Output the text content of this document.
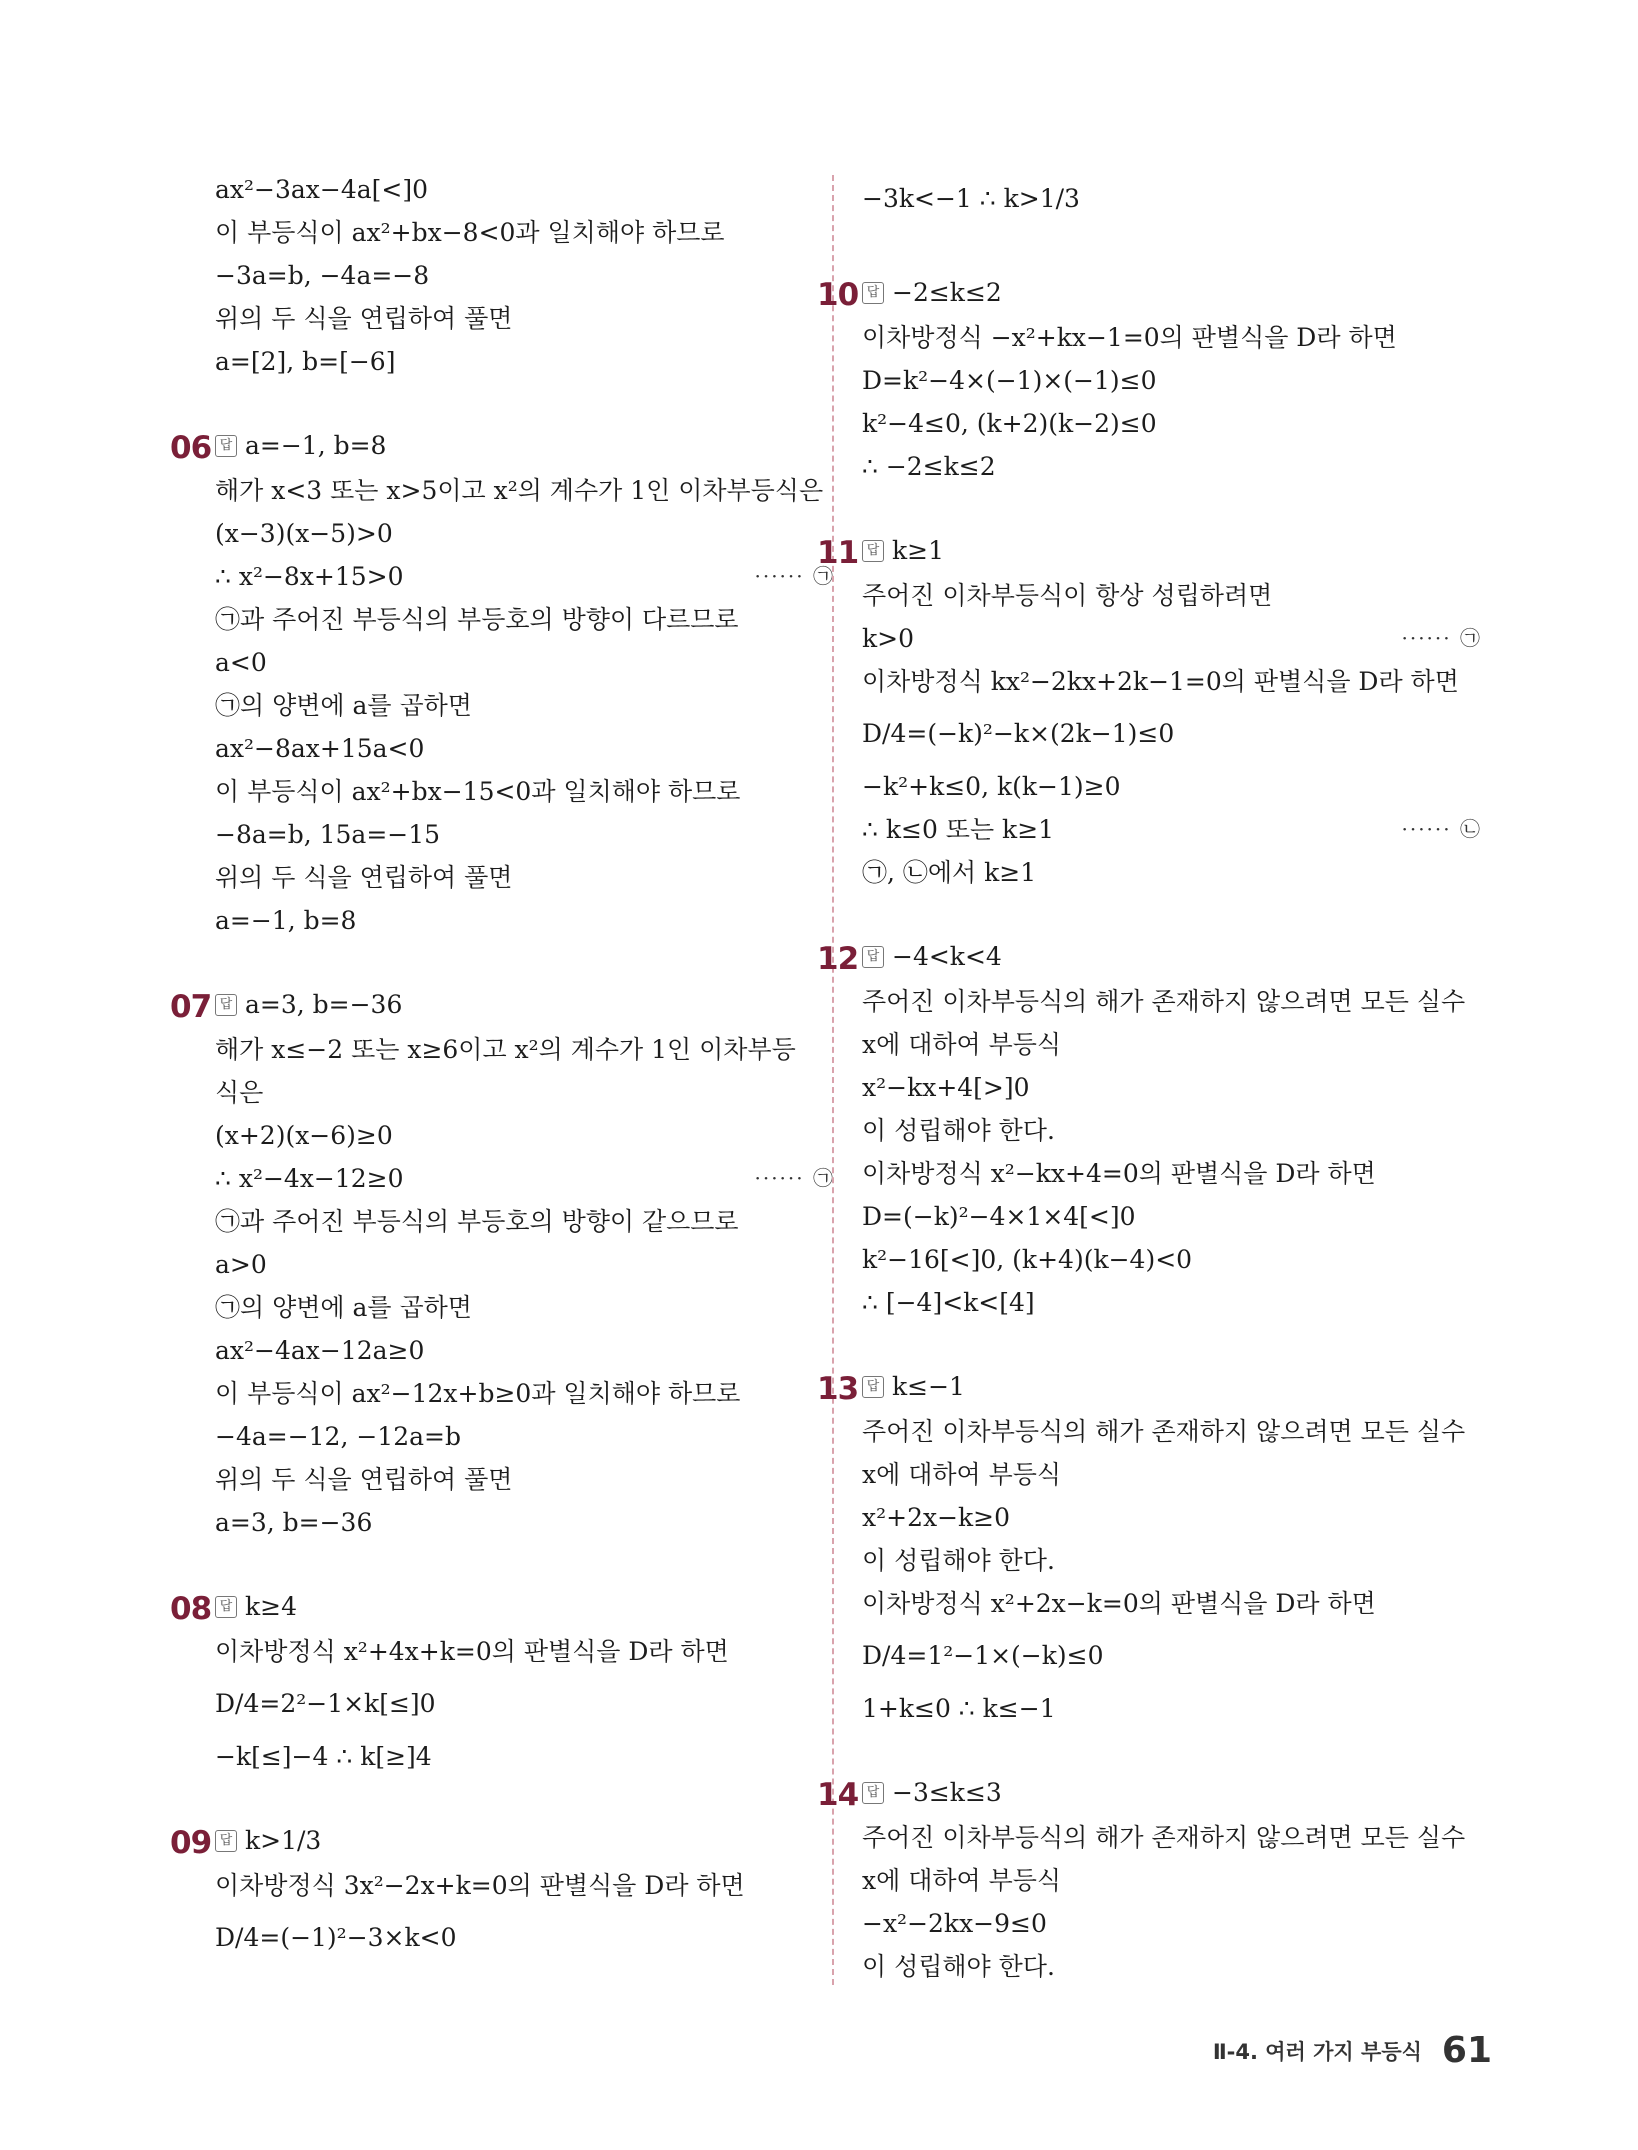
ax²−3ax−4a[<]0
이 부등식이 ax²+bx−8<0과 일치해야 하므로
−3a=b, −4a=−8
위의 두 식을 연립하여 풀면
a=[2], b=[−6]
06 답 a=−1, b=8
해가 x<3 또는 x>5이고 x²의 계수가 1인 이차부등식은
(x−3)(x−5)>0
∴ x²−8x+15>0	······ ㉠
㉠과 주어진 부등식의 부등호의 방향이 다르므로
a<0
㉠의 양변에 a를 곱하면
ax²−8ax+15a<0
이 부등식이 ax²+bx−15<0과 일치해야 하므로
−8a=b, 15a=−15
위의 두 식을 연립하여 풀면
a=−1, b=8
07 답 a=3, b=−36
해가 x≤−2 또는 x≥6이고 x²의 계수가 1인 이차부등
식은
(x+2)(x−6)≥0
∴ x²−4x−12≥0	······ ㉠
㉠과 주어진 부등식의 부등호의 방향이 같으므로
a>0
㉠의 양변에 a를 곱하면
ax²−4ax−12a≥0
이 부등식이 ax²−12x+b≥0과 일치해야 하므로
−4a=−12, −12a=b
위의 두 식을 연립하여 풀면
a=3, b=−36
08 답 k≥4
이차방정식 x²+4x+k=0의 판별식을 D라 하면
D/4=2²−1×k[≤]0
−k[≤]−4 ∴ k[≥]4
09 답 k>1/3
이차방정식 3x²−2x+k=0의 판별식을 D라 하면
D/4=(−1)²−3×k<0
−3k<−1 ∴ k>1/3
10 답 −2≤k≤2
이차방정식 −x²+kx−1=0의 판별식을 D라 하면
D=k²−4×(−1)×(−1)≤0
k²−4≤0, (k+2)(k−2)≤0
∴ −2≤k≤2
11 답 k≥1
주어진 이차부등식이 항상 성립하려면
k>0	······ ㉠
이차방정식 kx²−2kx+2k−1=0의 판별식을 D라 하면
D/4=(−k)²−k×(2k−1)≤0
−k²+k≤0, k(k−1)≥0
∴ k≤0 또는 k≥1	······ ㉡
㉠, ㉡에서 k≥1
12 답 −4<k<4
주어진 이차부등식의 해가 존재하지 않으려면 모든 실수
x에 대하여 부등식
x²−kx+4[>]0
이 성립해야 한다.
이차방정식 x²−kx+4=0의 판별식을 D라 하면
D=(−k)²−4×1×4[<]0
k²−16[<]0, (k+4)(k−4)<0
∴ [−4]<k<[4]
13 답 k≤−1
주어진 이차부등식의 해가 존재하지 않으려면 모든 실수
x에 대하여 부등식
x²+2x−k≥0
이 성립해야 한다.
이차방정식 x²+2x−k=0의 판별식을 D라 하면
D/4=1²−1×(−k)≤0
1+k≤0 ∴ k≤−1
14 답 −3≤k≤3
주어진 이차부등식의 해가 존재하지 않으려면 모든 실수
x에 대하여 부등식
−x²−2kx−9≤0
이 성립해야 한다.
Ⅱ-4. 여러 가지 부등식 61
